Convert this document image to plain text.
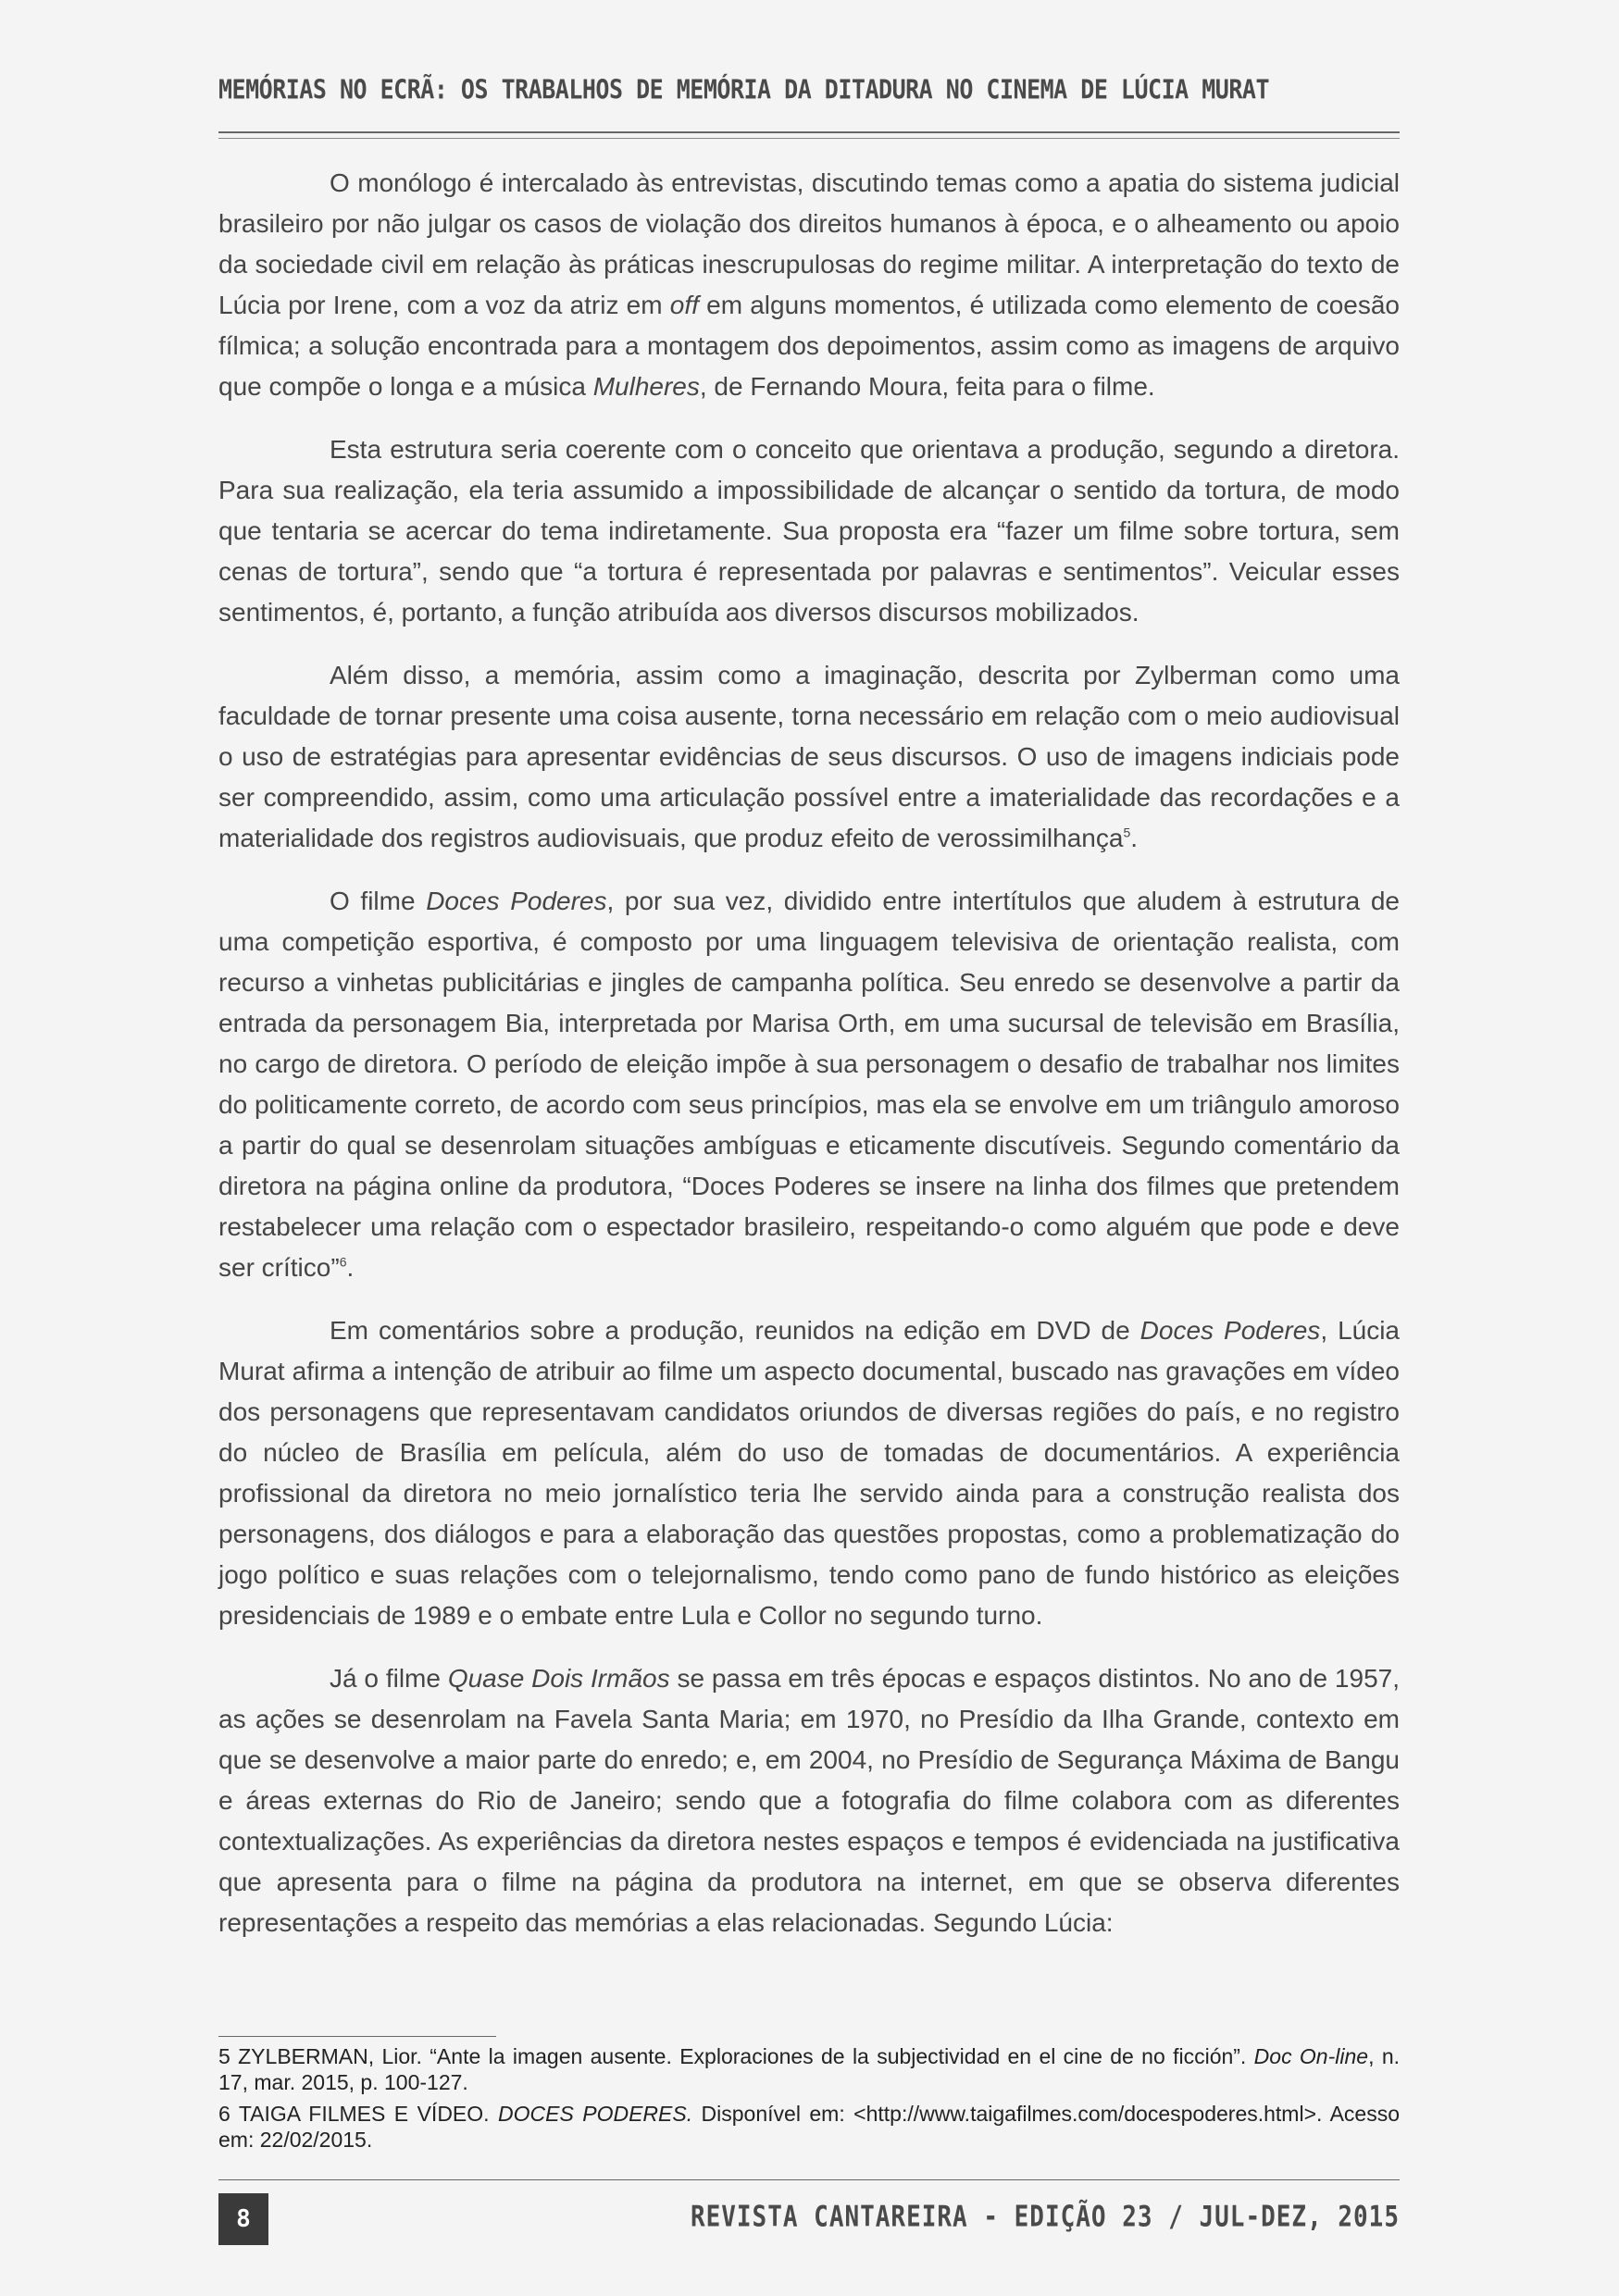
MEMÓRIAS NO ECRÃ: OS TRABALHOS DE MEMÓRIA DA DITADURA NO CINEMA DE LÚCIA MURAT

O monólogo é intercalado às entrevistas, discutindo temas como a apatia do sistema judicial brasileiro por não julgar os casos de violação dos direitos humanos à época, e o alheamento ou apoio da sociedade civil em relação às práticas inescrupulosas do regime militar. A interpretação do texto de Lúcia por Irene, com a voz da atriz em off em alguns momentos, é utilizada como elemento de coesão fílmica; a solução encontrada para a montagem dos depoimentos, assim como as imagens de arquivo que compõe o longa e a música Mulheres, de Fernando Moura, feita para o filme.

Esta estrutura seria coerente com o conceito que orientava a produção, segundo a diretora. Para sua realização, ela teria assumido a impossibilidade de alcançar o sentido da tortura, de modo que tentaria se acercar do tema indiretamente. Sua proposta era “fazer um filme sobre tortura, sem cenas de tortura”, sendo que “a tortura é representada por palavras e sentimentos”. Veicular esses sentimentos, é, portanto, a função atribuída aos diversos discursos mobilizados.

Além disso, a memória, assim como a imaginação, descrita por Zylberman como uma faculdade de tornar presente uma coisa ausente, torna necessário em relação com o meio audiovisual o uso de estratégias para apresentar evidências de seus discursos. O uso de imagens indiciais pode ser compreendido, assim, como uma articulação possível entre a imaterialidade das recordações e a materialidade dos registros audiovisuais, que produz efeito de verossimilhança$^5$.

O filme Doces Poderes, por sua vez, dividido entre intertítulos que aludem à estrutura de uma competição esportiva, é composto por uma linguagem televisiva de orientação realista, com recurso a vinhetas publicitárias e jingles de campanha política. Seu enredo se desenvolve a partir da entrada da personagem Bia, interpretada por Marisa Orth, em uma sucursal de televisão em Brasília, no cargo de diretora. O período de eleição impõe à sua personagem o desafio de trabalhar nos limites do politicamente correto, de acordo com seus princípios, mas ela se envolve em um triângulo amoroso a partir do qual se desenrolam situações ambíguas e eticamente discutíveis. Segundo comentário da diretora na página online da produtora, “Doces Poderes se insere na linha dos filmes que pretendem restabelecer uma relação com o espectador brasileiro, respeitando-o como alguém que pode e deve ser crítico”$^6$.

Em comentários sobre a produção, reunidos na edição em DVD de Doces Poderes, Lúcia Murat afirma a intenção de atribuir ao filme um aspecto documental, buscado nas gravações em vídeo dos personagens que representavam candidatos oriundos de diversas regiões do país, e no registro do núcleo de Brasília em película, além do uso de tomadas de documentários. A experiência profissional da diretora no meio jornalístico teria lhe servido ainda para a construção realista dos personagens, dos diálogos e para a elaboração das questões propostas, como a problematização do jogo político e suas relações com o telejornalismo, tendo como pano de fundo histórico as eleições presidenciais de 1989 e o embate entre Lula e Collor no segundo turno.

Já o filme Quase Dois Irmãos se passa em três épocas e espaços distintos. No ano de 1957, as ações se desenrolam na Favela Santa Maria; em 1970, no Presídio da Ilha Grande, contexto em que se desenvolve a maior parte do enredo; e, em 2004, no Presídio de Segurança Máxima de Bangu e áreas externas do Rio de Janeiro; sendo que a fotografia do filme colabora com as diferentes contextualizações. As experiências da diretora nestes espaços e tempos é evidenciada na justificativa que apresenta para o filme na página da produtora na internet, em que se observa diferentes representações a respeito das memórias a elas relacionadas. Segundo Lúcia:

5 ZYLBERMAN, Lior. “Ante la imagen ausente. Exploraciones de la subjectividad en el cine de no ficción”. Doc On-line, n. 17, mar. 2015, p. 100-127.

6 TAIGA FILMES E VÍDEO. DOCES PODERES. Disponível em: <http://www.taigafilmes.com/docespoderes.html>. Acesso em: 22/02/2015.

8	REVISTA CANTAREIRA - EDIÇÃO 23 / JUL-DEZ, 2015
